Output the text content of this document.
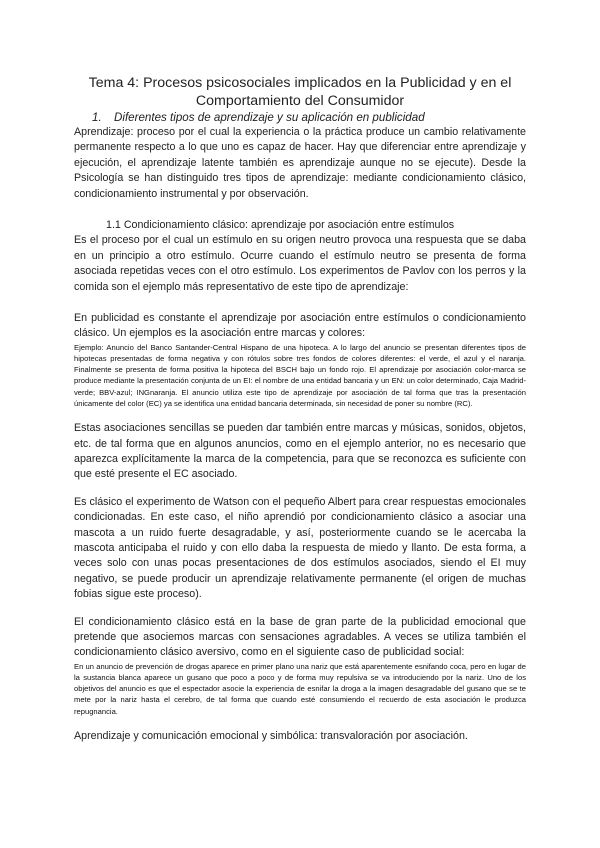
Tema 4: Procesos psicosociales implicados en la Publicidad y en el
Comportamiento del Consumidor
1. Diferentes tipos de aprendizaje y su aplicación en publicidad

Aprendizaje: proceso por el cual la experiencia o la práctica produce un cambio relativamente permanente respecto a lo que uno es capaz de hacer. Hay que diferenciar entre aprendizaje y ejecución, el aprendizaje latente también es aprendizaje aunque no se ejecute). Desde la Psicología se han distinguido tres tipos de aprendizaje: mediante condicionamiento clásico, condicionamiento instrumental y por observación.

1.1 Condicionamiento clásico: aprendizaje por asociación entre estímulos

Es el proceso por el cual un estímulo en su origen neutro provoca una respuesta que se daba en un principio a otro estímulo. Ocurre cuando el estímulo neutro se presenta de forma asociada repetidas veces con el otro estímulo. Los experimentos de Pavlov con los perros y la comida son el ejemplo más representativo de este tipo de aprendizaje:

En publicidad es constante el aprendizaje por asociación entre estímulos o condicionamiento clásico. Un ejemplos es la asociación entre marcas y colores:

Ejemplo: Anuncio del Banco Santander-Central Hispano de una hipoteca. A lo largo del anuncio se presentan diferentes tipos de hipotecas presentadas de forma negativa y con rótulos sobre tres fondos de colores diferentes: el verde, el azul y el naranja. Finalmente se presenta de forma positiva la hipoteca del BSCH bajo un fondo rojo. El aprendizaje por asociación color-marca se produce mediante la presentación conjunta de un EI: el nombre de una entidad bancaria y un EN: un color determinado, Caja Madrid-verde; BBV-azul; INGnaranja. El anuncio utiliza este tipo de aprendizaje por asociación de tal forma que tras la presentación únicamente del color (EC) ya se identifica una entidad bancaria determinada, sin necesidad de poner su nombre (RC).

Estas asociaciones sencillas se pueden dar también entre marcas y músicas, sonidos, objetos, etc. de tal forma que en algunos anuncios, como en el ejemplo anterior, no es necesario que aparezca explícitamente la marca de la competencia, para que se reconozca es suficiente con que esté presente el EC asociado.

Es clásico el experimento de Watson con el pequeño Albert para crear respuestas emocionales condicionadas. En este caso, el niño aprendió por condicionamiento clásico a asociar una mascota a un ruido fuerte desagradable, y así, posteriormente cuando se le acercaba la mascota anticipaba el ruido y con ello daba la respuesta de miedo y llanto. De esta forma, a veces solo con unas pocas presentaciones de dos estímulos asociados, siendo el EI muy negativo, se puede producir un aprendizaje relativamente permanente (el origen de muchas fobias sigue este proceso).

El condicionamiento clásico está en la base de gran parte de la publicidad emocional que pretende que asociemos marcas con sensaciones agradables. A veces se utiliza también el condicionamiento clásico aversivo, como en el siguiente caso de publicidad social:

En un anuncio de prevención de drogas aparece en primer plano una nariz que está aparentemente esnifando coca, pero en lugar de la sustancia blanca aparece un gusano que poco a poco y de forma muy repulsiva se va introduciendo por la nariz. Uno de los objetivos del anuncio es que el espectador asocie la experiencia de esnifar la droga a la imagen desagradable del gusano que se te mete por la nariz hasta el cerebro, de tal forma que cuando esté consumiendo el recuerdo de esta asociación le produzca repugnancia.

Aprendizaje y comunicación emocional y simbólica: transvaloración por asociación.
